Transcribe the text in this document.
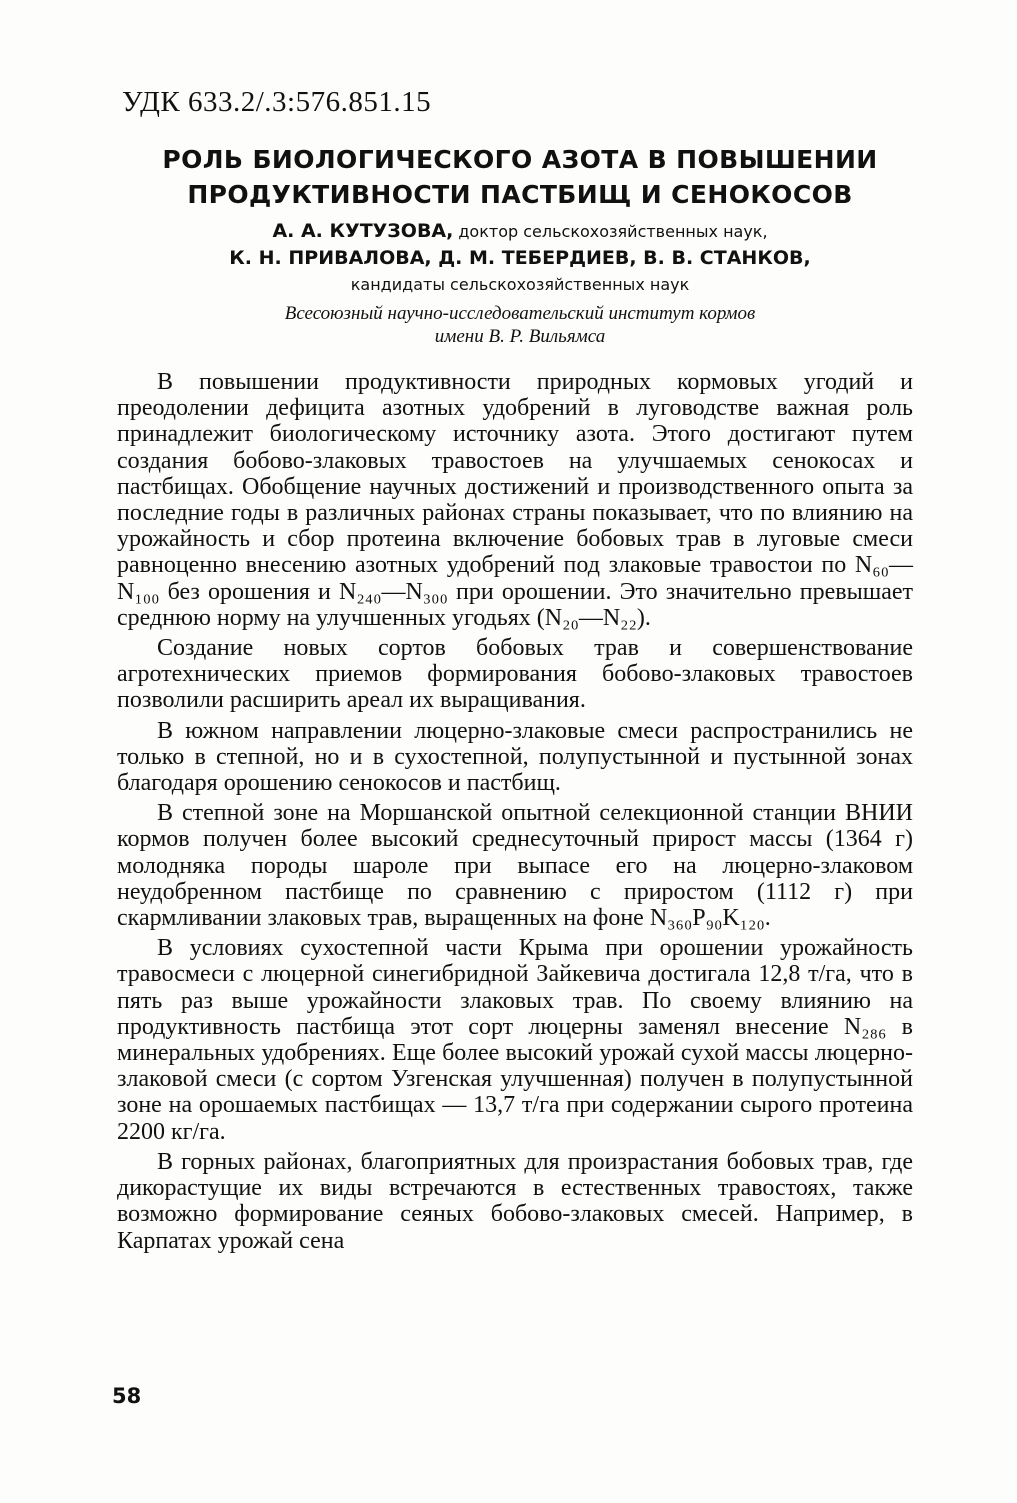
УДК 633.2/.3:576.851.15
РОЛЬ БИОЛОГИЧЕСКОГО АЗОТА В ПОВЫШЕНИИ
ПРОДУКТИВНОСТИ ПАСТБИЩ И СЕНОКОСОВ
А. А. КУТУЗОВА, доктор сельскохозяйственных наук,
К. Н. ПРИВАЛОВА, Д. М. ТЕБЕРДИЕВ, В. В. СТАНКОВ,
кандидаты сельскохозяйственных наук
Всесоюзный научно-исследовательский институт кормов
имени В. Р. Вильямса

В повышении продуктивности природных кормовых угодий и преодолении дефицита азотных удобрений в луговодстве важная роль принадлежит биологическому источнику азота. Этого достигают путем создания бобово-злаковых травостоев на улучшаемых сенокосах и пастбищах. Обобщение научных достижений и производственного опыта за последние годы в различных районах страны показывает, что по влиянию на урожайность и сбор протеина включение бобовых трав в луговые смеси равноценно внесению азотных удобрений под злаковые травостои по N₆₀—N₁₀₀ без орошения и N₂₄₀—N₃₀₀ при орошении. Это значительно превышает среднюю норму на улучшенных угодьях (N₂₀—N₂₂).

Создание новых сортов бобовых трав и совершенствование агротехнических приемов формирования бобово-злаковых травостоев позволили расширить ареал их выращивания.

В южном направлении люцерно-злаковые смеси распространились не только в степной, но и в сухостепной, полупустынной и пустынной зонах благодаря орошению сенокосов и пастбищ.

В степной зоне на Моршанской опытной селекционной станции ВНИИ кормов получен более высокий среднесуточный прирост массы (1364 г) молодняка породы шароле при выпасе его на люцерно-злаковом неудобренном пастбище по сравнению с приростом (1112 г) при скармливании злаковых трав, выращенных на фоне N₃₆₀P₉₀K₁₂₀.

В условиях сухостепной части Крыма при орошении урожайность травосмеси с люцерной синегибридной Зайкевича достигала 12,8 т/га, что в пять раз выше урожайности злаковых трав. По своему влиянию на продуктивность пастбища этот сорт люцерны заменял внесение N₂₈₆ в минеральных удобрениях. Еще более высокий урожай сухой массы люцерно-злаковой смеси (с сортом Узгенская улучшенная) получен в полупустынной зоне на орошаемых пастбищах — 13,7 т/га при содержании сырого протеина 2200 кг/га.

В горных районах, благоприятных для произрастания бобовых трав, где дикорастущие их виды встречаются в естественных травостоях, также возможно формирование сеяных бобово-злаковых смесей. Например, в Карпатах урожай сена

58
